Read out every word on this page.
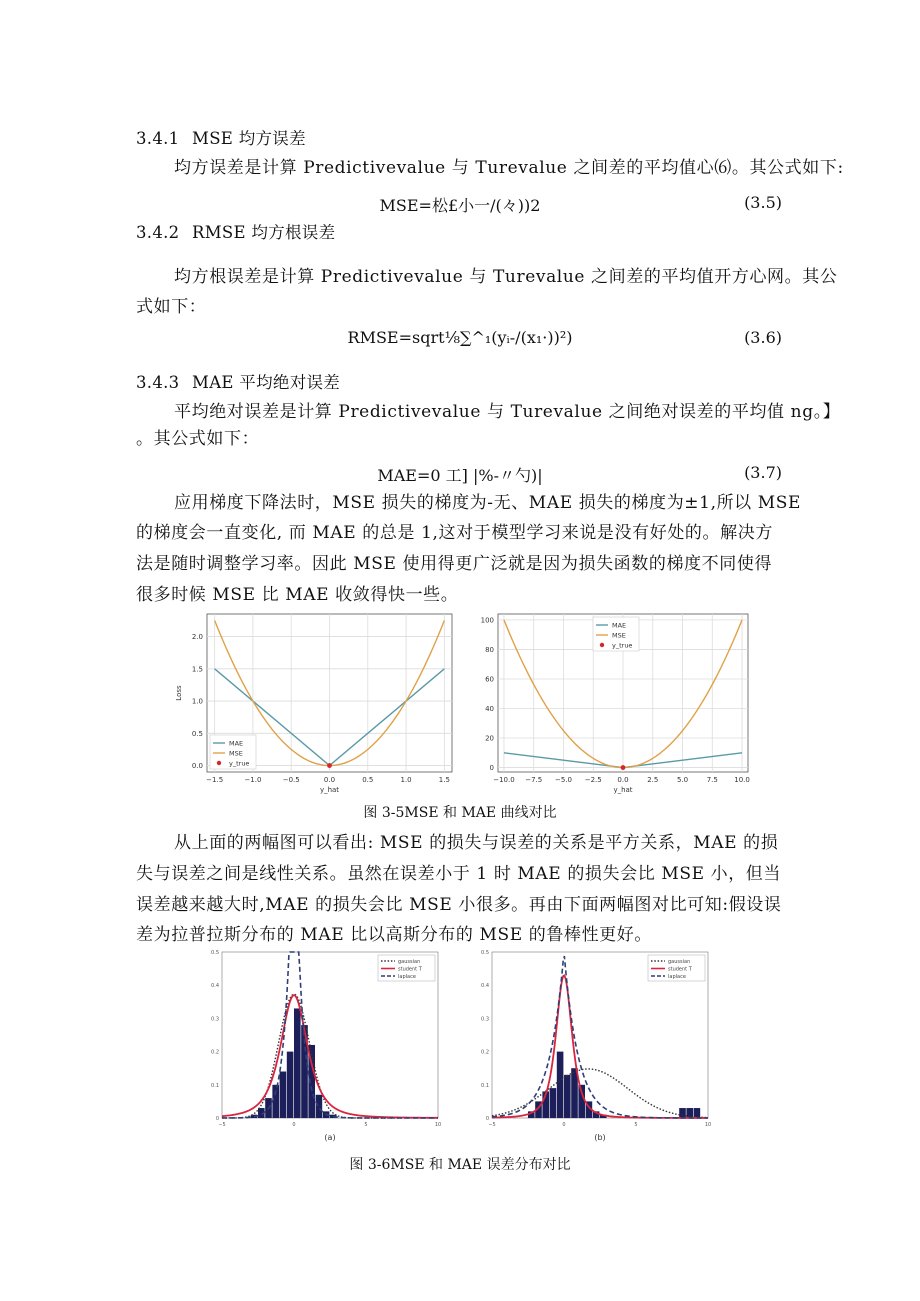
3.4.1 MSE 均方误差
均方误差是计算 Predictivevalue 与 Turevalue 之间差的平均值心⑹。其公式如下:
MSE=松£小一/(々))2	(3.5)
3.4.2 RMSE 均方根误差
均方根误差是计算 Predictivevalue 与 Turevalue 之间差的平均值开方心网。其公
式如下：
RMSE=sqrt⅛∑^₁(yᵢ-/(x₁·))²)	(3.6)
3.4.3 MAE 平均绝对误差
平均绝对误差是计算 Predictivevalue 与 Turevalue 之间绝对误差的平均值 ng。】
。其公式如下：
MAE=0 工] |%-〃勺)|	(3.7)
应用梯度下降法时，MSE 损失的梯度为-无、MAE 损失的梯度为±1,所以 MSE
的梯度会一直变化, 而 MAE 的总是 1,这对于模型学习来说是没有好处的。解决方
法是随时调整学习率。因此 MSE 使用得更广泛就是因为损失函数的梯度不同使得
很多时候 MSE 比 MAE 收敛得快一些。
−1.5	−1.0	−0.5	0.0	0.5	1.0	1.5
0.0
0.5
1.0
1.5
2.0
y_hat
Loss
MAE
MSE
y_true
−10.0 −7.5 −5.0 −2.5 0.0	2.5	5.0	7.5 10.0
0
20
40
60
80
100
y_hat
MAE
MSE
y_true
图 3-5MSE 和 MAE 曲线对比
从上面的两幅图可以看出: MSE 的损失与误差的关系是平方关系，MAE 的损
失与误差之间是线性关系。虽然在误差小于 1 时 MAE 的损失会比 MSE 小，但当
误差越来越大时,MAE 的损失会比 MSE 小很多。再由下面两幅图对比可知:假设误
差为拉普拉斯分布的 MAE 比以高斯分布的 MSE 的鲁棒性更好。
−5	0	5	10
0
0.1
0.2
0.3
0.4
0.5
gaussian
student T
laplace
(a)
−5	0	5	10
0
0.1
0.2
0.3
0.4
0.5
gaussian
student T
laplace
(b)
图 3-6MSE 和 MAE 误差分布对比
